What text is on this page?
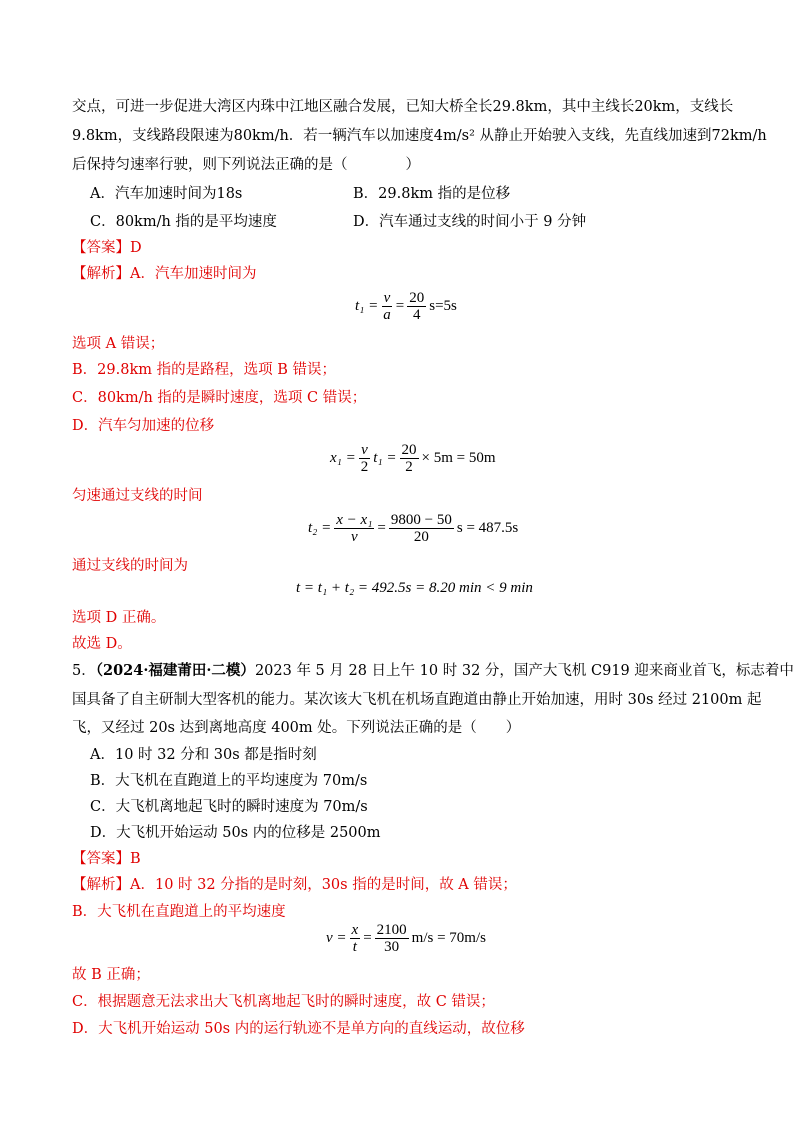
交点，可进一步促进大湾区内珠中江地区融合发展，已知大桥全长29.8km，其中主线长20km，支线长
9.8km，支线路段限速为80km/h．若一辆汽车以加速度4m/s² 从静止开始驶入支线，先直线加速到72km/h
后保持匀速率行驶，则下列说法正确的是（　　　　）
A．汽车加速时间为18s	B．29.8km 指的是位移
C．80km/h 指的是平均速度	D．汽车通过支线的时间小于 9 分钟
【答案】D
【解析】A．汽车加速时间为
$t_1 = \frac{v}{a} = \frac{20}{4} s=5s$
选项 A 错误；
B．29.8km 指的是路程，选项 B 错误；
C．80km/h 指的是瞬时速度，选项 C 错误；
D．汽车匀加速的位移
$x_1 = \frac{v}{2} t_1 = \frac{20}{2} \times 5m = 50m$
匀速通过支线的时间
$t_2 = \frac{\text{x − x₁}}{v} = \frac{9800 - 50}{20}$ s = 487.5s
通过支线的时间为
t = t₁ + t₂ = 492.5s = 8.20 min < 9 min
选项 D 正确。
故选 D。
5．（2024·福建莆田·二模）2023 年 5 月 28 日上午 10 时 32 分，国产大飞机 C919 迎来商业首飞，标志着中
国具备了自主研制大型客机的能力。某次该大飞机在机场直跑道由静止开始加速，用时 30s 经过 2100m 起
飞，又经过 20s 达到离地高度 400m 处。下列说法正确的是（　　）
A．10 时 32 分和 30s 都是指时刻
B．大飞机在直跑道上的平均速度为 70m/s
C．大飞机离地起飞时的瞬时速度为 70m/s
D．大飞机开始运动 50s 内的位移是 2500m
【答案】B
【解析】A．10 时 32 分指的是时刻，30s 指的是时间，故 A 错误；
B．大飞机在直跑道上的平均速度
$v = \frac{x}{t} = \frac{2100}{30} m/s = 70m/s$
故 B 正确；
C．根据题意无法求出大飞机离地起飞时的瞬时速度，故 C 错误；
D．大飞机开始运动 50s 内的运行轨迹不是单方向的直线运动，故位移
